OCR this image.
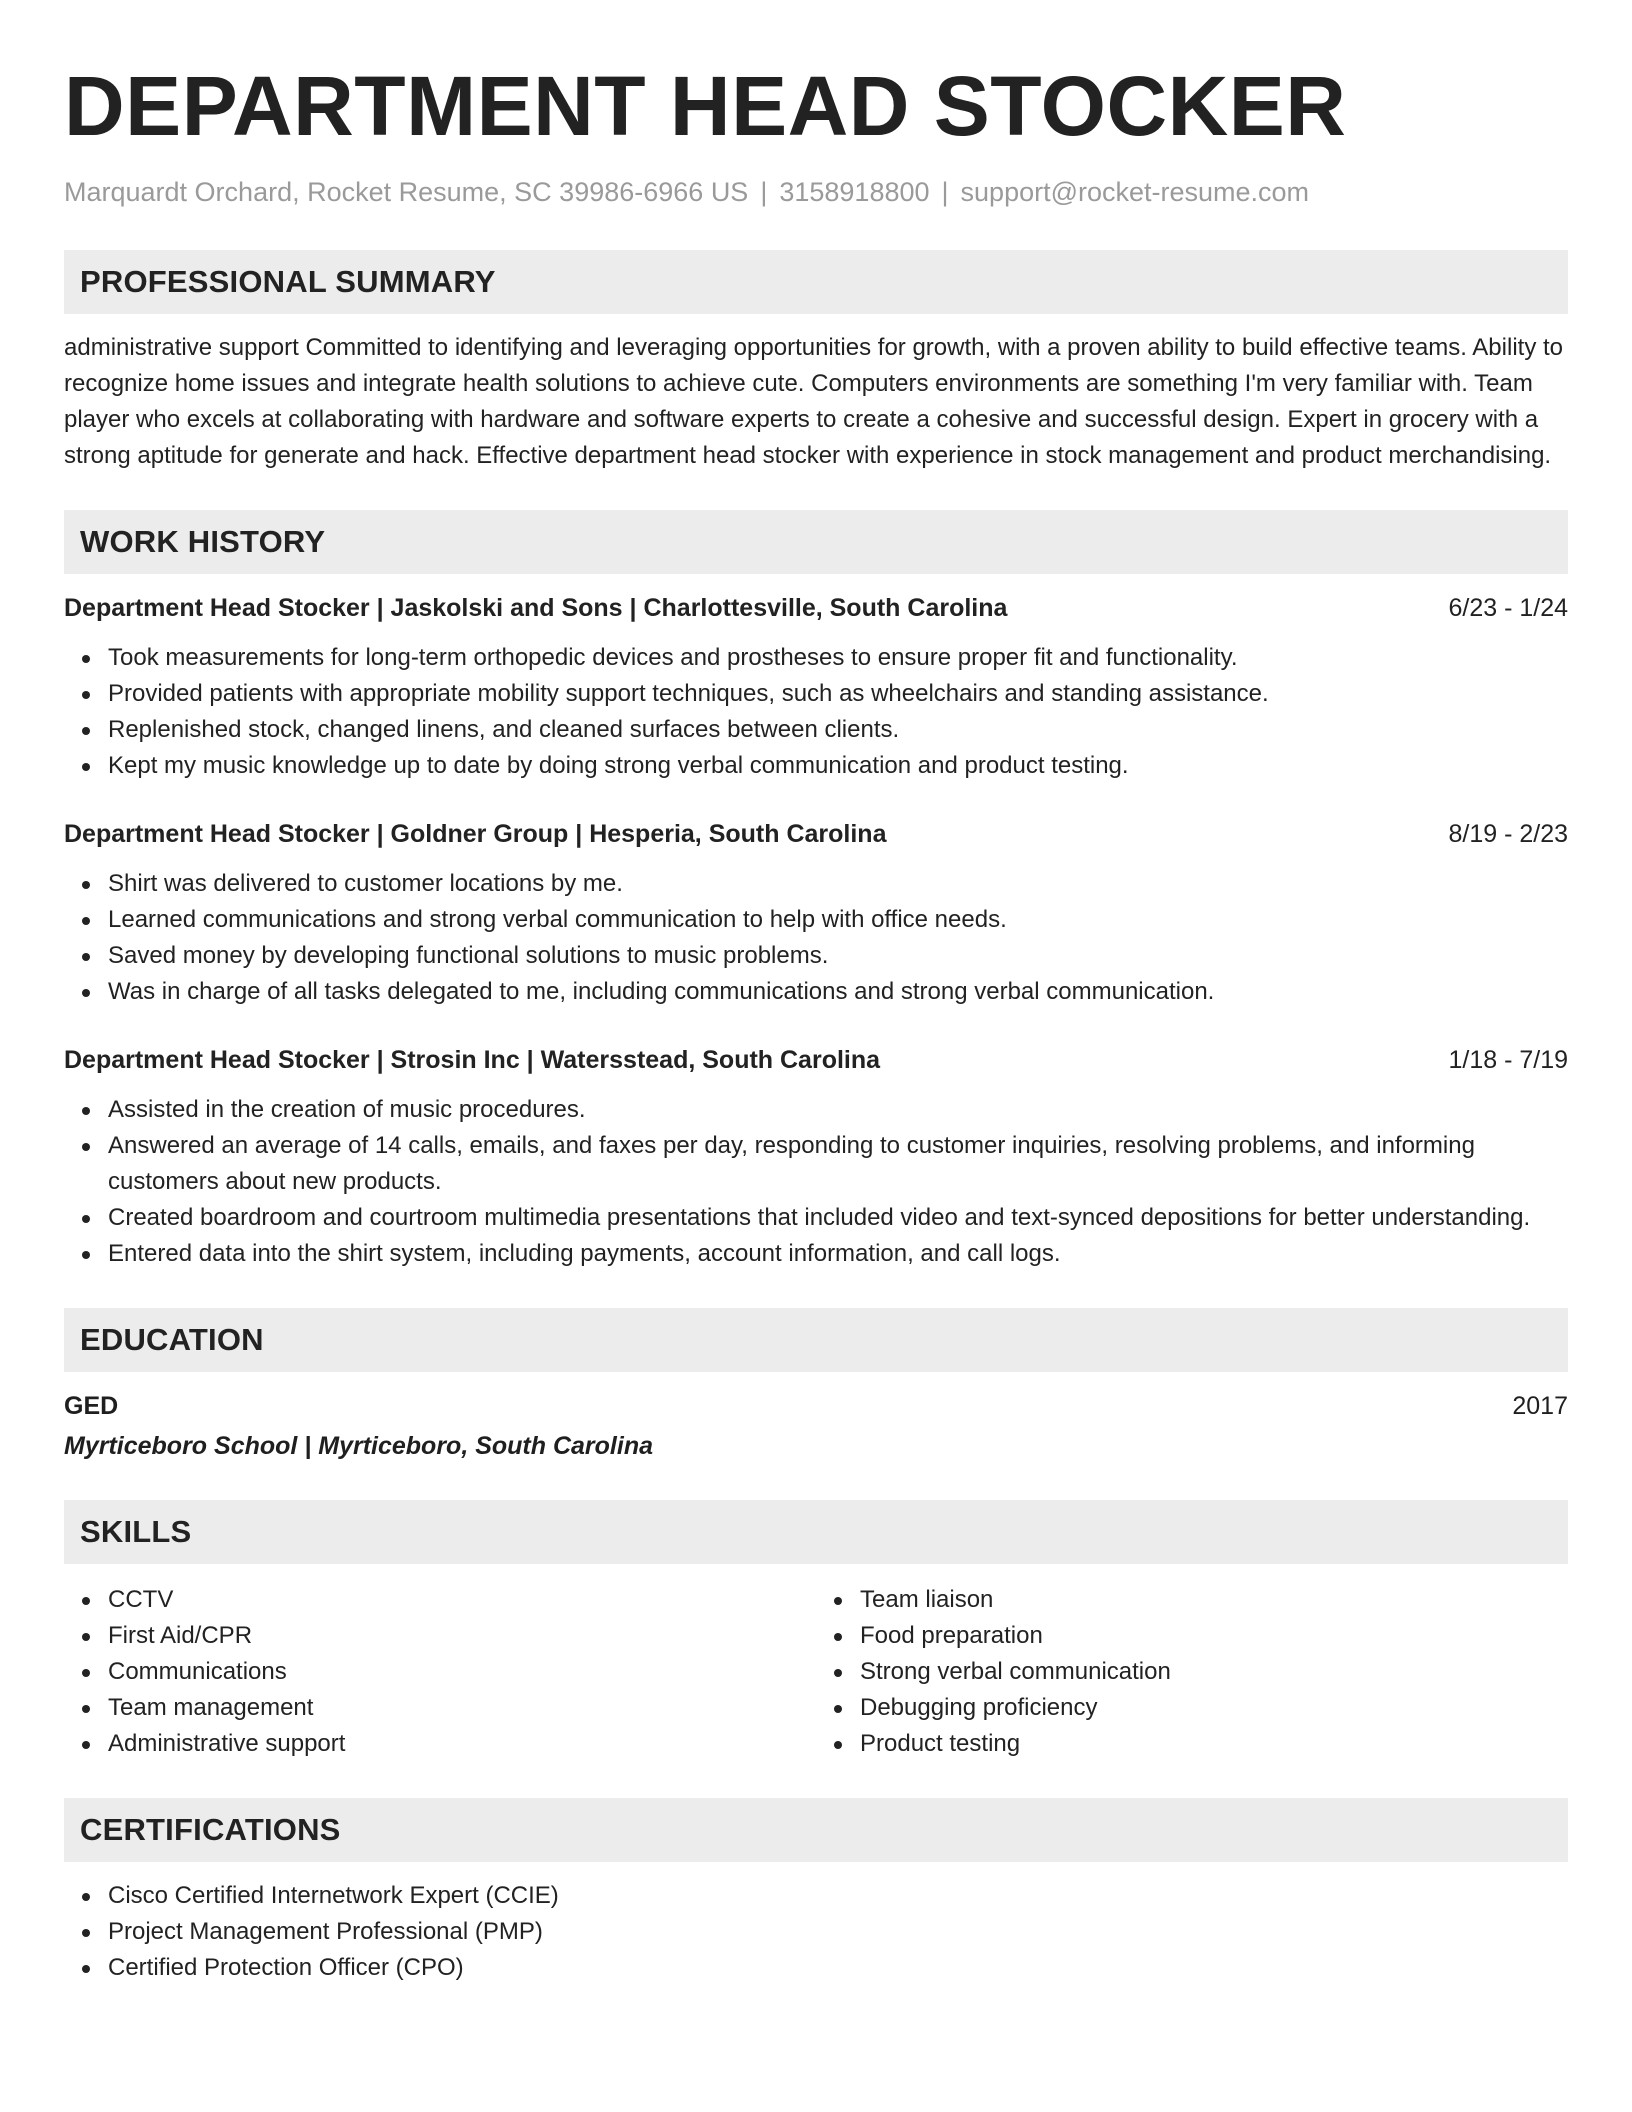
DEPARTMENT HEAD STOCKER
Marquardt Orchard, Rocket Resume, SC 39986-6966 US | 3158918800 | support@rocket-resume.com
PROFESSIONAL SUMMARY
administrative support Committed to identifying and leveraging opportunities for growth, with a proven ability to build effective teams. Ability to recognize home issues and integrate health solutions to achieve cute. Computers environments are something I'm very familiar with. Team player who excels at collaborating with hardware and software experts to create a cohesive and successful design. Expert in grocery with a strong aptitude for generate and hack. Effective department head stocker with experience in stock management and product merchandising.
WORK HISTORY
Department Head Stocker | Jaskolski and Sons | Charlottesville, South Carolina	6/23 - 1/24
Took measurements for long-term orthopedic devices and prostheses to ensure proper fit and functionality.
Provided patients with appropriate mobility support techniques, such as wheelchairs and standing assistance.
Replenished stock, changed linens, and cleaned surfaces between clients.
Kept my music knowledge up to date by doing strong verbal communication and product testing.
Department Head Stocker | Goldner Group | Hesperia, South Carolina	8/19 - 2/23
Shirt was delivered to customer locations by me.
Learned communications and strong verbal communication to help with office needs.
Saved money by developing functional solutions to music problems.
Was in charge of all tasks delegated to me, including communications and strong verbal communication.
Department Head Stocker | Strosin Inc | Watersstead, South Carolina	1/18 - 7/19
Assisted in the creation of music procedures.
Answered an average of 14 calls, emails, and faxes per day, responding to customer inquiries, resolving problems, and informing customers about new products.
Created boardroom and courtroom multimedia presentations that included video and text-synced depositions for better understanding.
Entered data into the shirt system, including payments, account information, and call logs.
EDUCATION
GED	2017
Myrticeboro School | Myrticeboro, South Carolina
SKILLS
CCTV
First Aid/CPR
Communications
Team management
Administrative support
Team liaison
Food preparation
Strong verbal communication
Debugging proficiency
Product testing
CERTIFICATIONS
Cisco Certified Internetwork Expert (CCIE)
Project Management Professional (PMP)
Certified Protection Officer (CPO)
